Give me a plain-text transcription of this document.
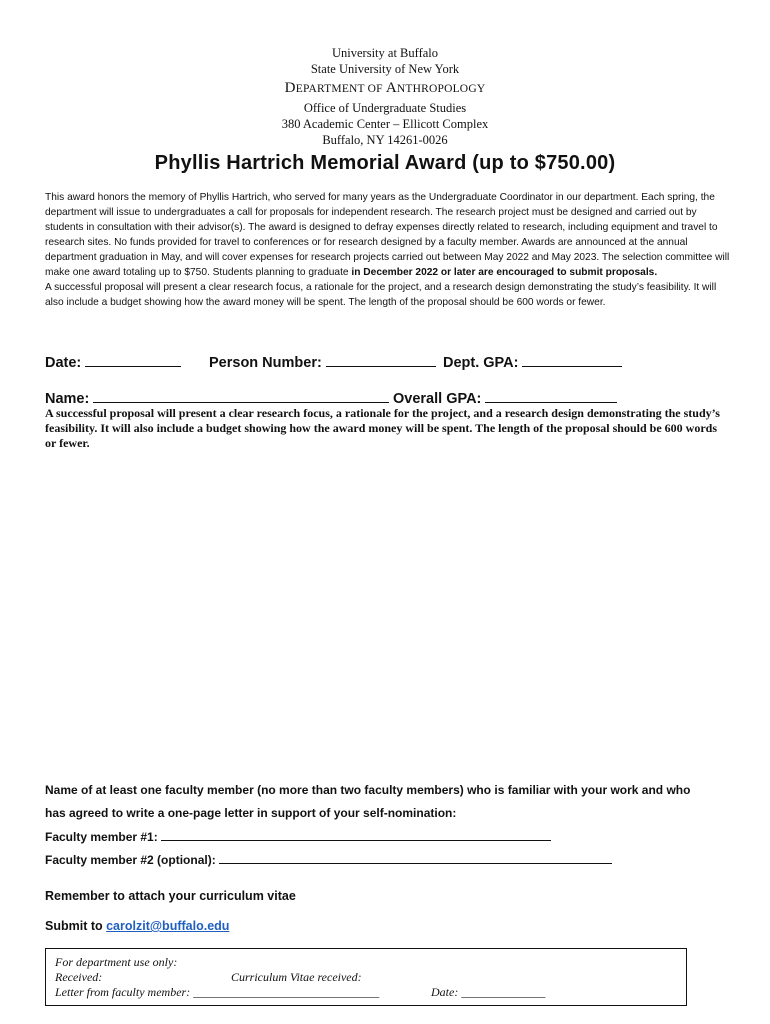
University at Buffalo
State University of New York
DEPARTMENT OF ANTHROPOLOGY
Office of Undergraduate Studies
380 Academic Center – Ellicott Complex
Buffalo, NY 14261-0026
Phyllis Hartrich Memorial Award (up to $750.00)

This award honors the memory of Phyllis Hartrich, who served for many years as the Undergraduate Coordinator in our department. Each spring, the department will issue to undergraduates a call for proposals for independent research. The research project must be designed and carried out by students in consultation with their advisor(s). The award is designed to defray expenses directly related to research, including equipment and travel to research sites. No funds provided for travel to conferences or for research designed by a faculty member. Awards are announced at the annual department graduation in May, and will cover expenses for research projects carried out between May 2022 and May 2023. The selection committee will make one award totaling up to $750. Students planning to graduate in December 2022 or later are encouraged to submit proposals.

A successful proposal will present a clear research focus, a rationale for the project, and a research design demonstrating the study’s feasibility. It will also include a budget showing how the award money will be spent. The length of the proposal should be 600 words or fewer.

Date:	Person Number:	Dept. GPA:
Name:	Overall GPA:
A successful proposal will present a clear research focus, a rationale for the project, and a research design demonstrating the study’s feasibility. It will also include a budget showing how the award money will be spent. The length of the proposal should be 600 words or fewer.
Name of at least one faculty member (no more than two faculty members) who is familiar with your work and who
has agreed to write a one-page letter in support of your self-nomination:
Faculty member #1:
Faculty member #2 (optional):
Remember to attach your curriculum vitae
Submit to carolzit@buffalo.edu
For department use only:
Received:	Curriculum Vitae received:
Letter from faculty member: _______________________________	Date: ______________
